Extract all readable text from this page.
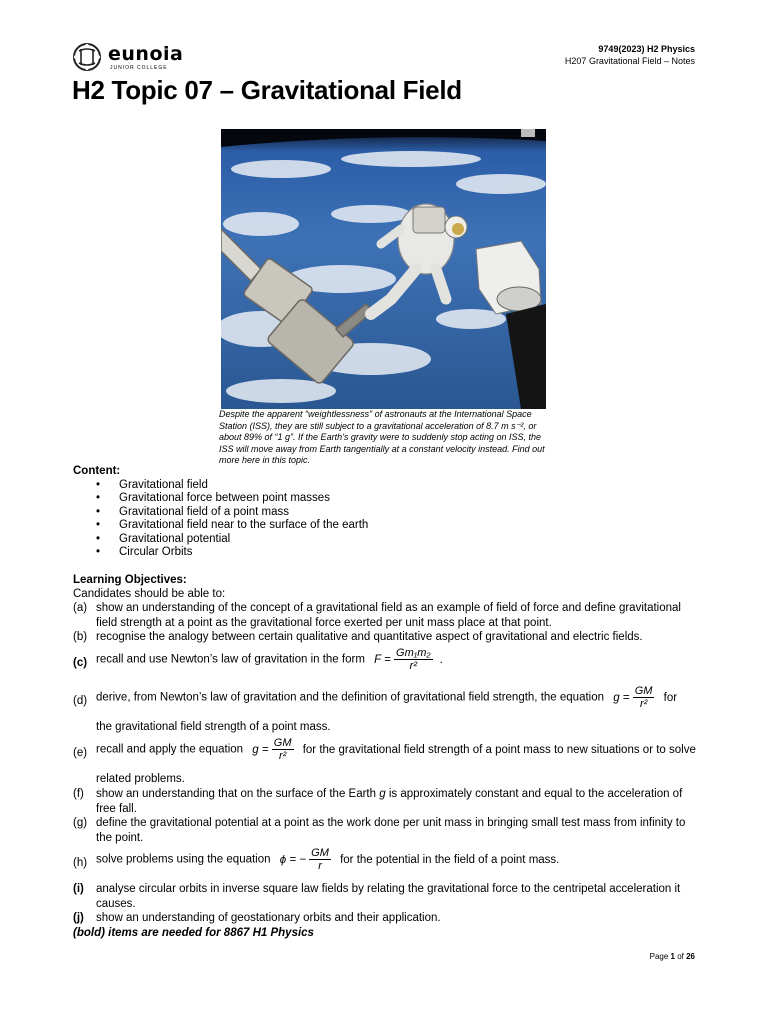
eunoia
JUNIOR COLLEGE
9749(2023) H2 Physics
H207 Gravitational Field – Notes
H2 Topic 07 – Gravitational Field
Despite the apparent “weightlessness” of astronauts at the International Space Station (ISS), they are still subject to a gravitational acceleration of 8.7 m s⁻², or about 89% of “1 g”. If the Earth’s gravity were to suddenly stop acting on ISS, the ISS will move away from Earth tangentially at a constant velocity instead. Find out more here in this topic.
Content:
•	Gravitational field
•	Gravitational force between point masses
•	Gravitational field of a point mass
•	Gravitational field near to the surface of the earth
•	Gravitational potential
•	Circular Orbits
Learning Objectives:
Candidates should be able to:
(a) show an understanding of the concept of a gravitational field as an example of field of force and define gravitational field strength at a point as the gravitational force exerted per unit mass place at that point.
(b) recognise the analogy between certain qualitative and quantitative aspect of gravitational and electric fields.
(c) recall and use Newton’s law of gravitation in the form $F = \frac{\text{Gm₁m₂}}{\text{r²}}$ .
(d) derive, from Newton’s law of gravitation and the definition of gravitational field strength, the equation $g = \frac{GM}{\text{r²}}$ for
the gravitational field strength of a point mass.
(e) recall and apply the equation $g = \frac{GM}{\text{r²}}$ for the gravitational field strength of a point mass to new situations or to solve
related problems.
(f)	show an understanding that on the surface of the Earth g is approximately constant and equal to the acceleration of free fall.
(g) define the gravitational potential at a point as the work done per unit mass in bringing small test mass from infinity to the point.
(h) solve problems using the equation ϕ = − $\frac{GM}{r}$ for the potential in the field of a point mass.
(i)	analyse circular orbits in inverse square law fields by relating the gravitational force to the centripetal acceleration it causes.
(j)	show an understanding of geostationary orbits and their application.
(bold) items are needed for 8867 H1 Physics
Page 1 of 26
